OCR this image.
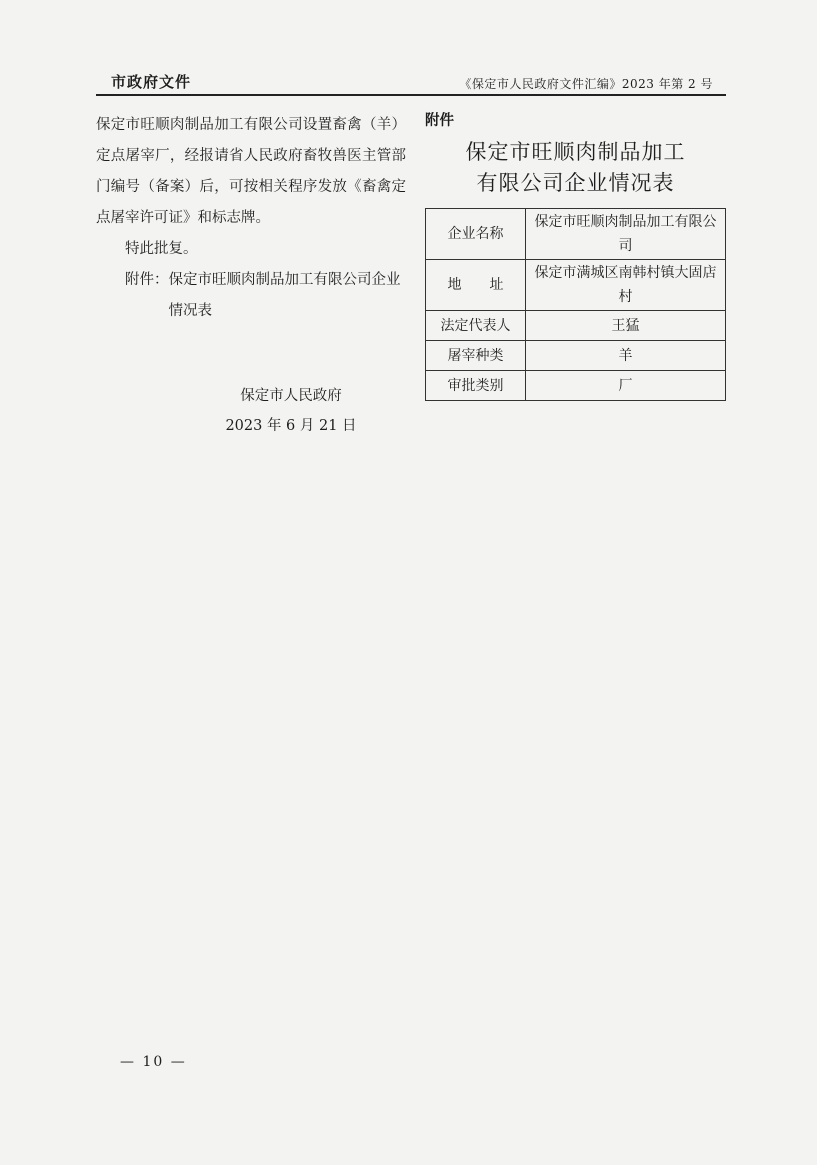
市政府文件	《保定市人民政府文件汇编》2023 年第 2 号

保定市旺顺肉制品加工有限公司设置畜禽（羊）定点屠宰厂，经报请省人民政府畜牧兽医主管部门编号（备案）后，可按相关程序发放《畜禽定点屠宰许可证》和标志牌。

特此批复。

附件： 保定市旺顺肉制品加工有限公司企业情况表
保定市人民政府
2023 年 6 月 21 日
附件
保定市旺顺肉制品加工
有限公司企业情况表
企业名称	保定市旺顺肉制品加工有限公司
地　　址	保定市满城区南韩村镇大固店村
法定代表人	王猛
屠宰种类	羊
审批类别	厂
— 10 —
